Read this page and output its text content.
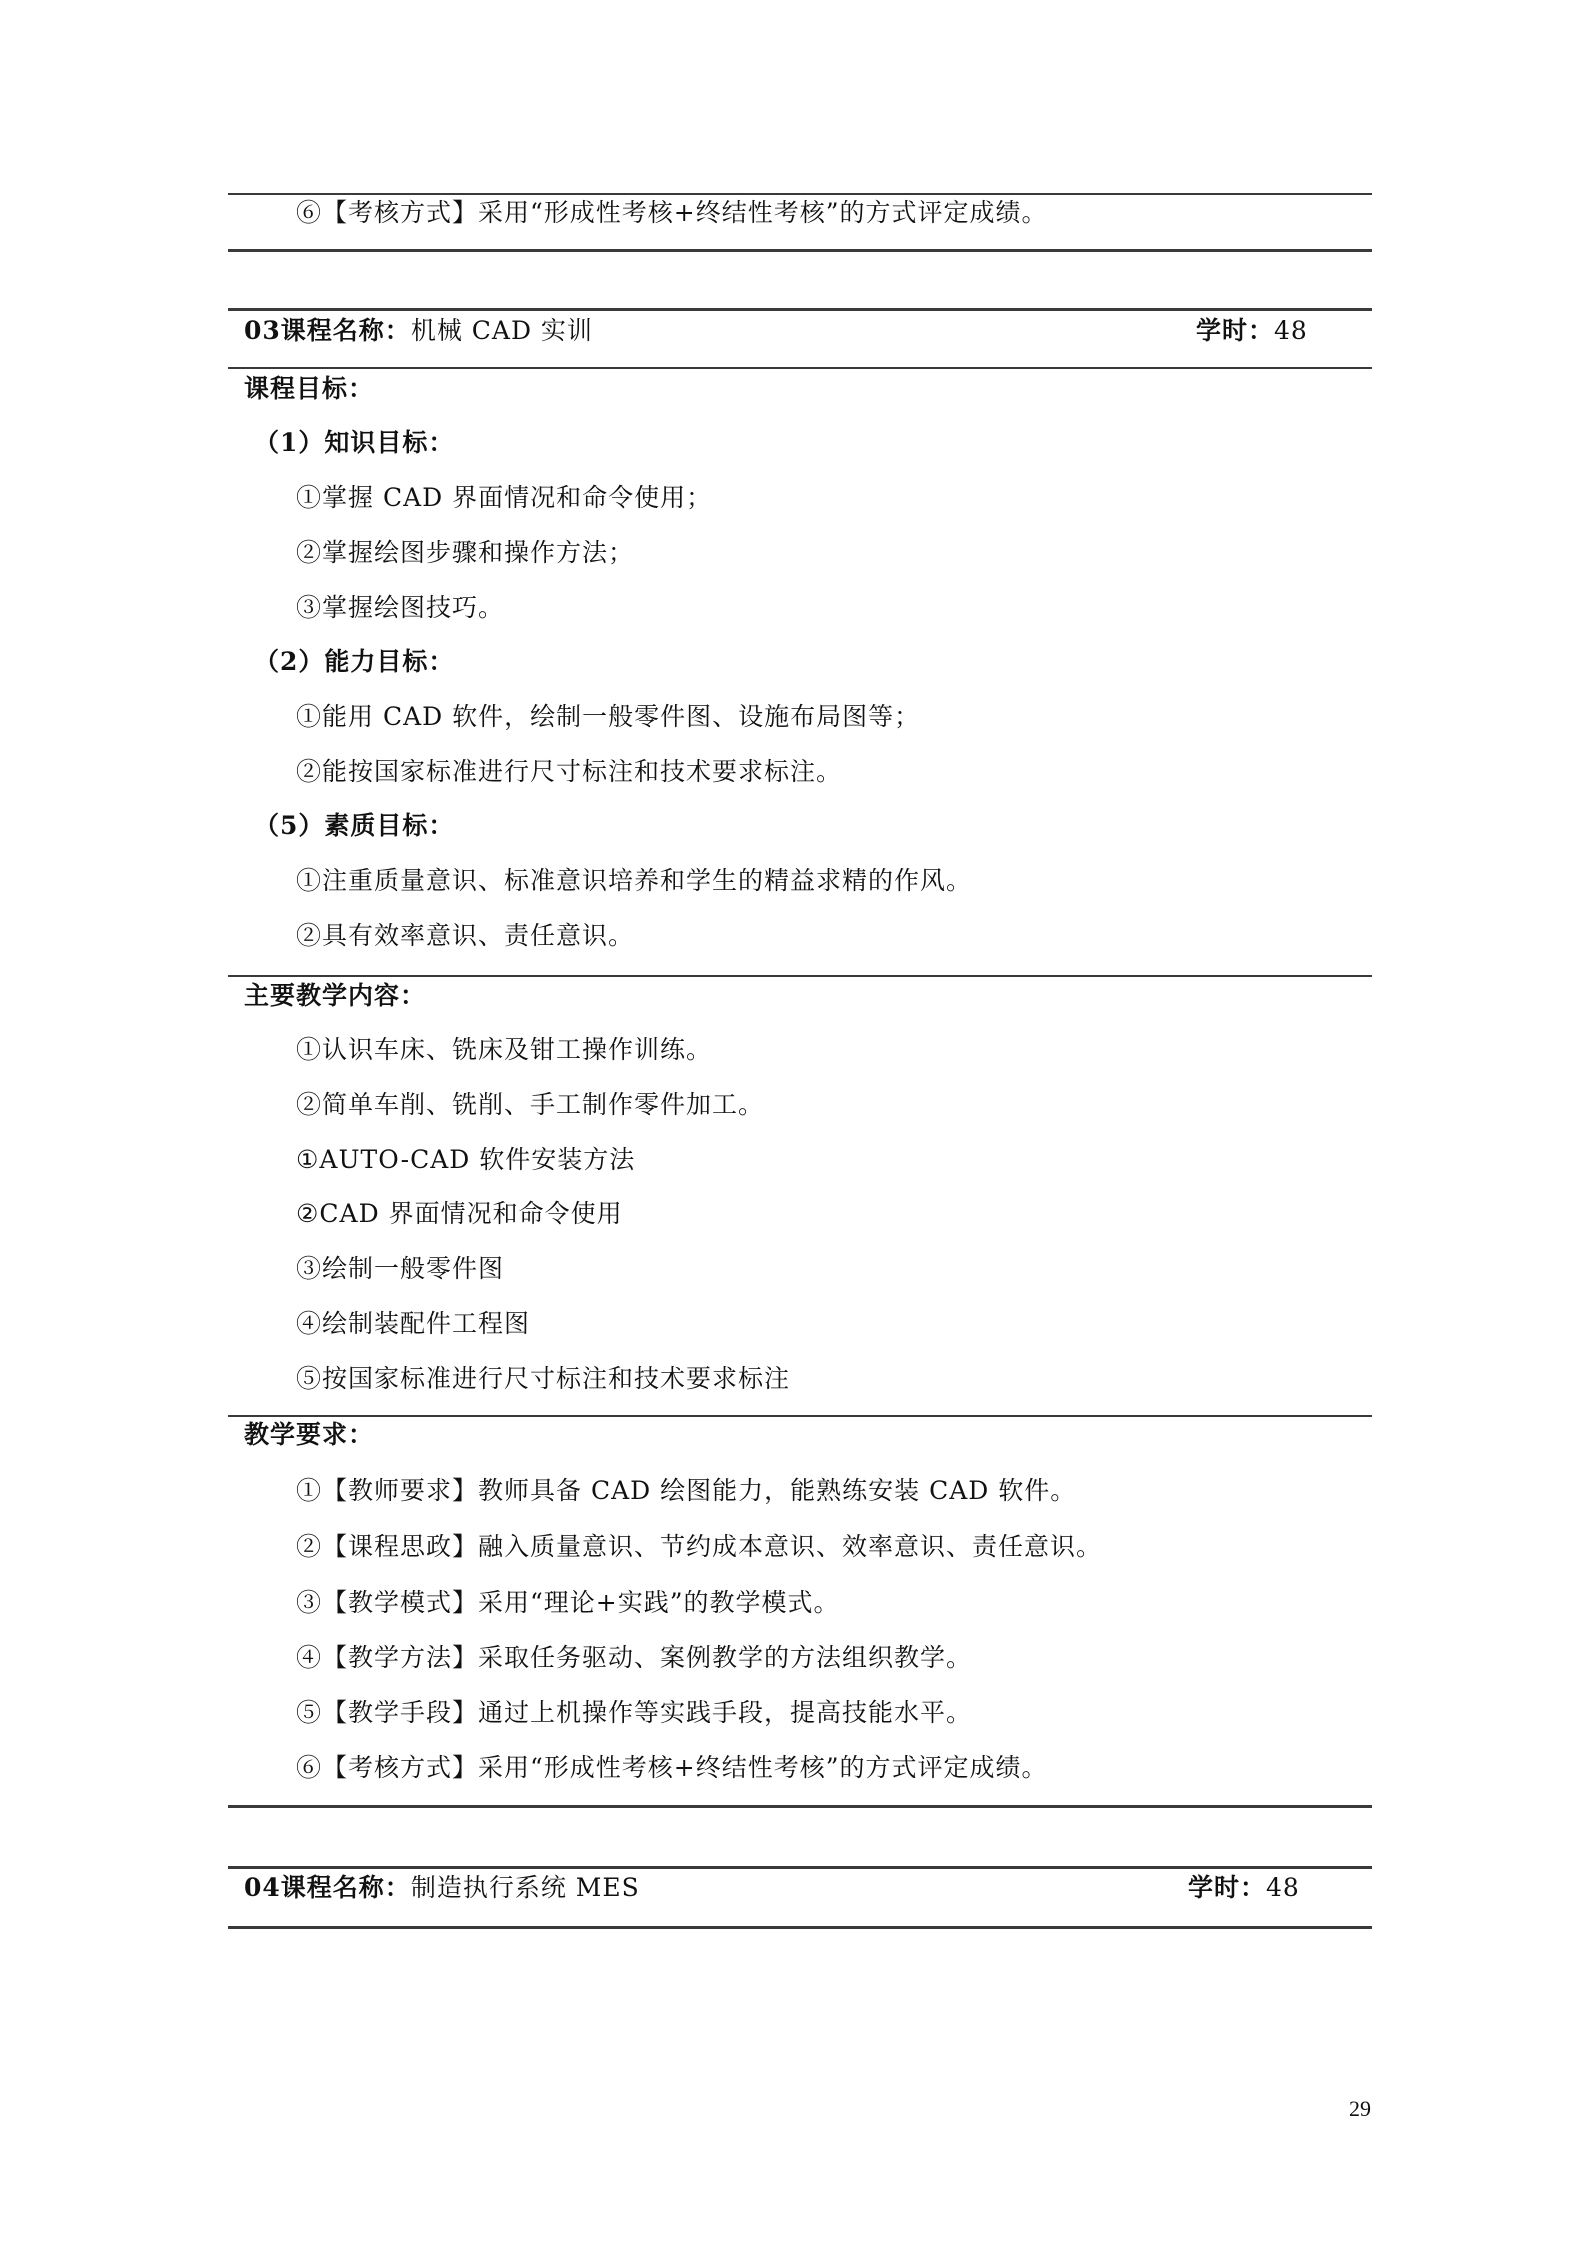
⑥【考核方式】采用“形成性考核+终结性考核”的方式评定成绩。
03课程名称：机械 CAD 实训	学时：48
课程目标：
（1）知识目标：
①掌握 CAD 界面情况和命令使用；
②掌握绘图步骤和操作方法；
③掌握绘图技巧。
（2）能力目标：
①能用 CAD 软件，绘制一般零件图、设施布局图等；
②能按国家标准进行尺寸标注和技术要求标注。
（5）素质目标：
①注重质量意识、标准意识培养和学生的精益求精的作风。
②具有效率意识、责任意识。
主要教学内容：
①认识车床、铣床及钳工操作训练。
②简单车削、铣削、手工制作零件加工。
①AUTO-CAD 软件安装方法
②CAD 界面情况和命令使用
③绘制一般零件图
④绘制装配件工程图
⑤按国家标准进行尺寸标注和技术要求标注
教学要求：
①【教师要求】教师具备 CAD 绘图能力，能熟练安装 CAD 软件。
②【课程思政】融入质量意识、节约成本意识、效率意识、责任意识。
③【教学模式】采用“理论+实践”的教学模式。
④【教学方法】采取任务驱动、案例教学的方法组织教学。
⑤【教学手段】通过上机操作等实践手段，提高技能水平。
⑥【考核方式】采用“形成性考核+终结性考核”的方式评定成绩。
04课程名称：制造执行系统 MES	学时：48
29
